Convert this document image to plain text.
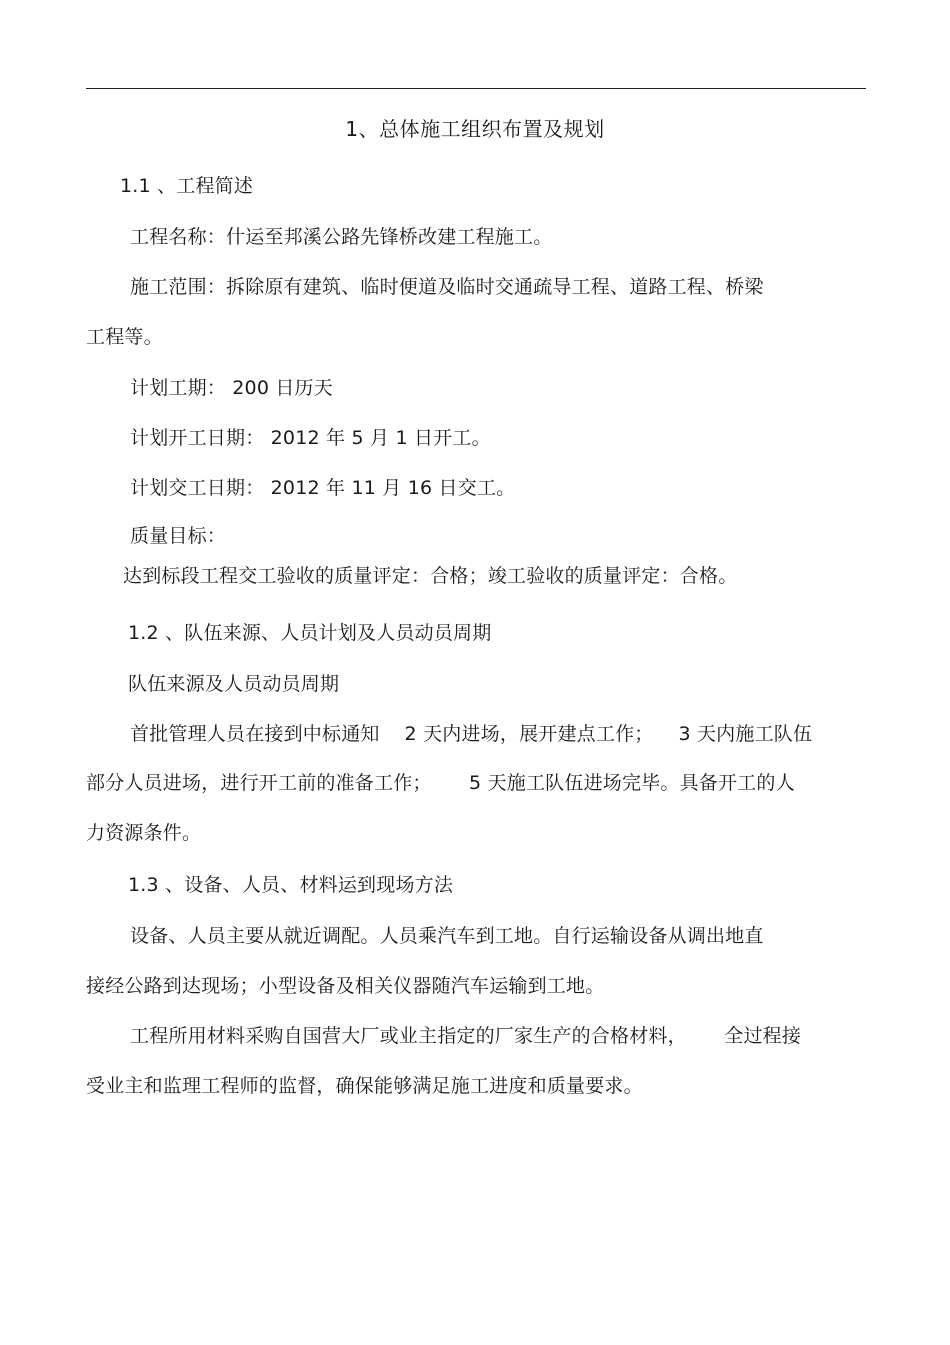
1、总体施工组织布置及规划
1.1 、工程简述
工程名称：什运至邦溪公路先锋桥改建工程施工。
施工范围：拆除原有建筑、临时便道及临时交通疏导工程、道路工程、桥梁
工程等。
计划工期： 200 日历天
计划开工日期： 2012 年 5 月 1 日开工。
计划交工日期： 2012 年 11 月 16 日交工。
质量目标：
达到标段工程交工验收的质量评定：合格；竣工验收的质量评定：合格。
1.2 、队伍来源、人员计划及人员动员周期
队伍来源及人员动员周期
首批管理人员在接到中标通知    2 天内进场，展开建点工作；    3 天内施工队伍
部分人员进场，进行开工前的准备工作；      5 天施工队伍进场完毕。具备开工的人
力资源条件。
1.3 、设备、人员、材料运到现场方法
设备、人员主要从就近调配。人员乘汽车到工地。自行运输设备从调出地直
接经公路到达现场；小型设备及相关仪器随汽车运输到工地。
工程所用材料采购自国营大厂或业主指定的厂家生产的合格材料，      全过程接
受业主和监理工程师的监督，确保能够满足施工进度和质量要求。
